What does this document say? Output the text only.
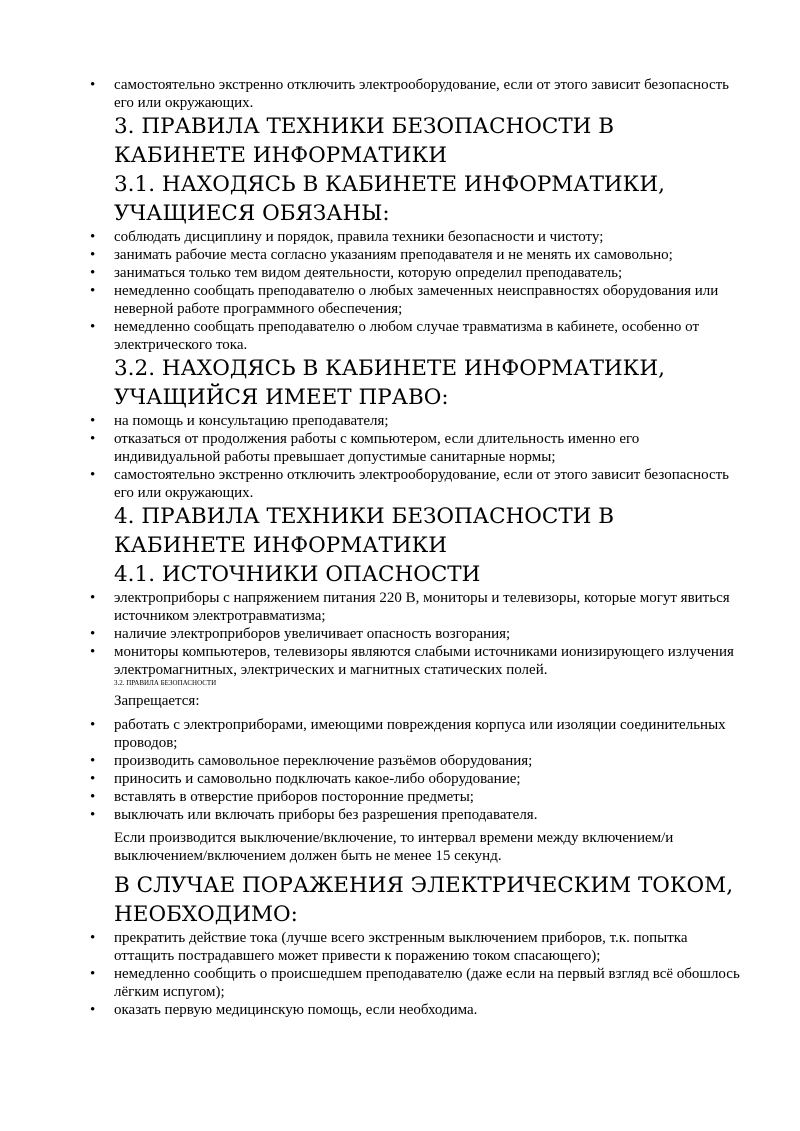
• самостоятельно экстренно отключить электрооборудование, если от этого зависит безопасность его или окружающих.
3. ПРАВИЛА ТЕХНИКИ БЕЗОПАСНОСТИ В КАБИНЕТЕ ИНФОРМАТИКИ
3.1. НАХОДЯСЬ В КАБИНЕТЕ ИНФОРМАТИКИ, УЧАЩИЕСЯ ОБЯЗАНЫ:
• соблюдать дисциплину и порядок, правила техники безопасности и чистоту;
• занимать рабочие места согласно указаниям преподавателя и не менять их самовольно;
• заниматься только тем видом деятельности, которую определил преподаватель;
• немедленно сообщать преподавателю о любых замеченных неисправностях оборудования или неверной работе программного обеспечения;
• немедленно сообщать преподавателю о любом случае травматизма в кабинете, особенно от электрического тока.
3.2. НАХОДЯСЬ В КАБИНЕТЕ ИНФОРМАТИКИ, УЧАЩИЙСЯ ИМЕЕТ ПРАВО:
• на помощь и консультацию преподавателя;
• отказаться от продолжения работы с компьютером, если длительность именно его индивидуальной работы превышает допустимые санитарные нормы;
• самостоятельно экстренно отключить электрооборудование, если от этого зависит безопасность его или окружающих.
4. ПРАВИЛА ТЕХНИКИ БЕЗОПАСНОСТИ В КАБИНЕТЕ ИНФОРМАТИКИ
4.1. ИСТОЧНИКИ ОПАСНОСТИ
• электроприборы с напряжением питания 220 В, мониторы и телевизоры, которые могут явиться источником электротравматизма;
• наличие электроприборов увеличивает опасность возгорания;
• мониторы компьютеров, телевизоры являются слабыми источниками ионизирующего излучения электромагнитных, электрических и магнитных статических полей.
3.2. ПРАВИЛА БЕЗОПАСНОСТИ

Запрещается:

• работать с электроприборами, имеющими повреждения корпуса или изоляции соединительных проводов;
• производить самовольное переключение разъёмов оборудования;
• приносить и самовольно подключать какое-либо оборудование;
• вставлять в отверстие приборов посторонние предметы;
• выключать или включать приборы без разрешения преподавателя.

Если производится выключение/включение, то интервал времени между включением/и выключением/включением должен быть не менее 15 секунд.

В СЛУЧАЕ ПОРАЖЕНИЯ ЭЛЕКТРИЧЕСКИМ ТОКОМ, НЕОБХОДИМО:
• прекратить действие тока (лучше всего экстренным выключением приборов, т.к. попытка оттащить пострадавшего может привести к поражению током спасающего);
• немедленно сообщить о происшедшем преподавателю (даже если на первый взгляд всё обошлось лёгким испугом);
• оказать первую медицинскую помощь, если необходима.
